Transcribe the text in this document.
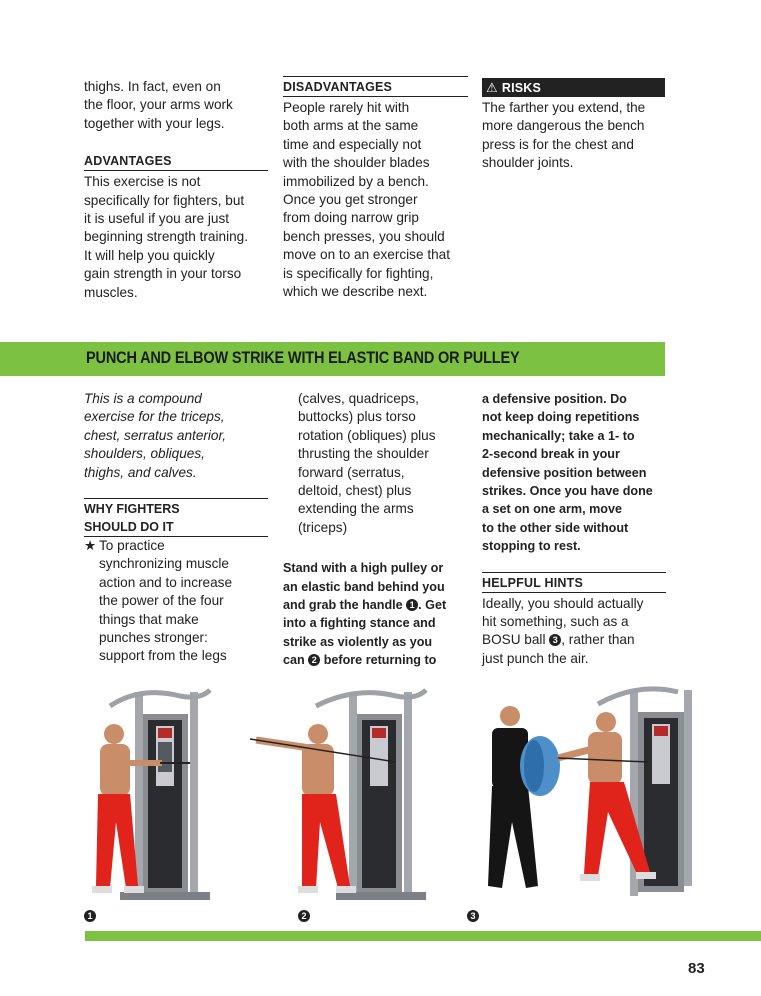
thighs. In fact, even on
the floor, your arms work
together with your legs.

ADVANTAGES

This exercise is not
specifically for fighters, but
it is useful if you are just
beginning strength training.
It will help you quickly
gain strength in your torso
muscles.

DISADVANTAGES

People rarely hit with
both arms at the same
time and especially not
with the shoulder blades
immobilized by a bench.
Once you get stronger
from doing narrow grip
bench presses, you should
move on to an exercise that
is specifically for fighting,
which we describe next.

⚠ RISKS

The farther you extend, the
more dangerous the bench
press is for the chest and
shoulder joints.

PUNCH AND ELBOW STRIKE WITH ELASTIC BAND OR PULLEY

This is a compound
exercise for the triceps,
chest, serratus anterior,
shoulders, obliques,
thighs, and calves.

WHY FIGHTERS
SHOULD DO IT
★ To practice
synchronizing muscle
action and to increase
the power of the four
things that make
punches stronger:
support from the legs

(calves, quadriceps,
buttocks) plus torso
rotation (obliques) plus
thrusting the shoulder
forward (serratus,
deltoid, chest) plus
extending the arms
(triceps)

Stand with a high pulley or
an elastic band behind you
and grab the handle 1 . Get
into a fighting stance and
strike as violently as you
can 2 before returning to

a defensive position. Do
not keep doing repetitions
mechanically; take a 1- to
2-second break in your
defensive position between
strikes. Once you have done
a set on one arm, move
to the other side without
stopping to rest.

HELPFUL HINTS

Ideally, you should actually
hit something, such as a
BOSU ball 3 , rather than
just punch the air.

1	2	3
83
